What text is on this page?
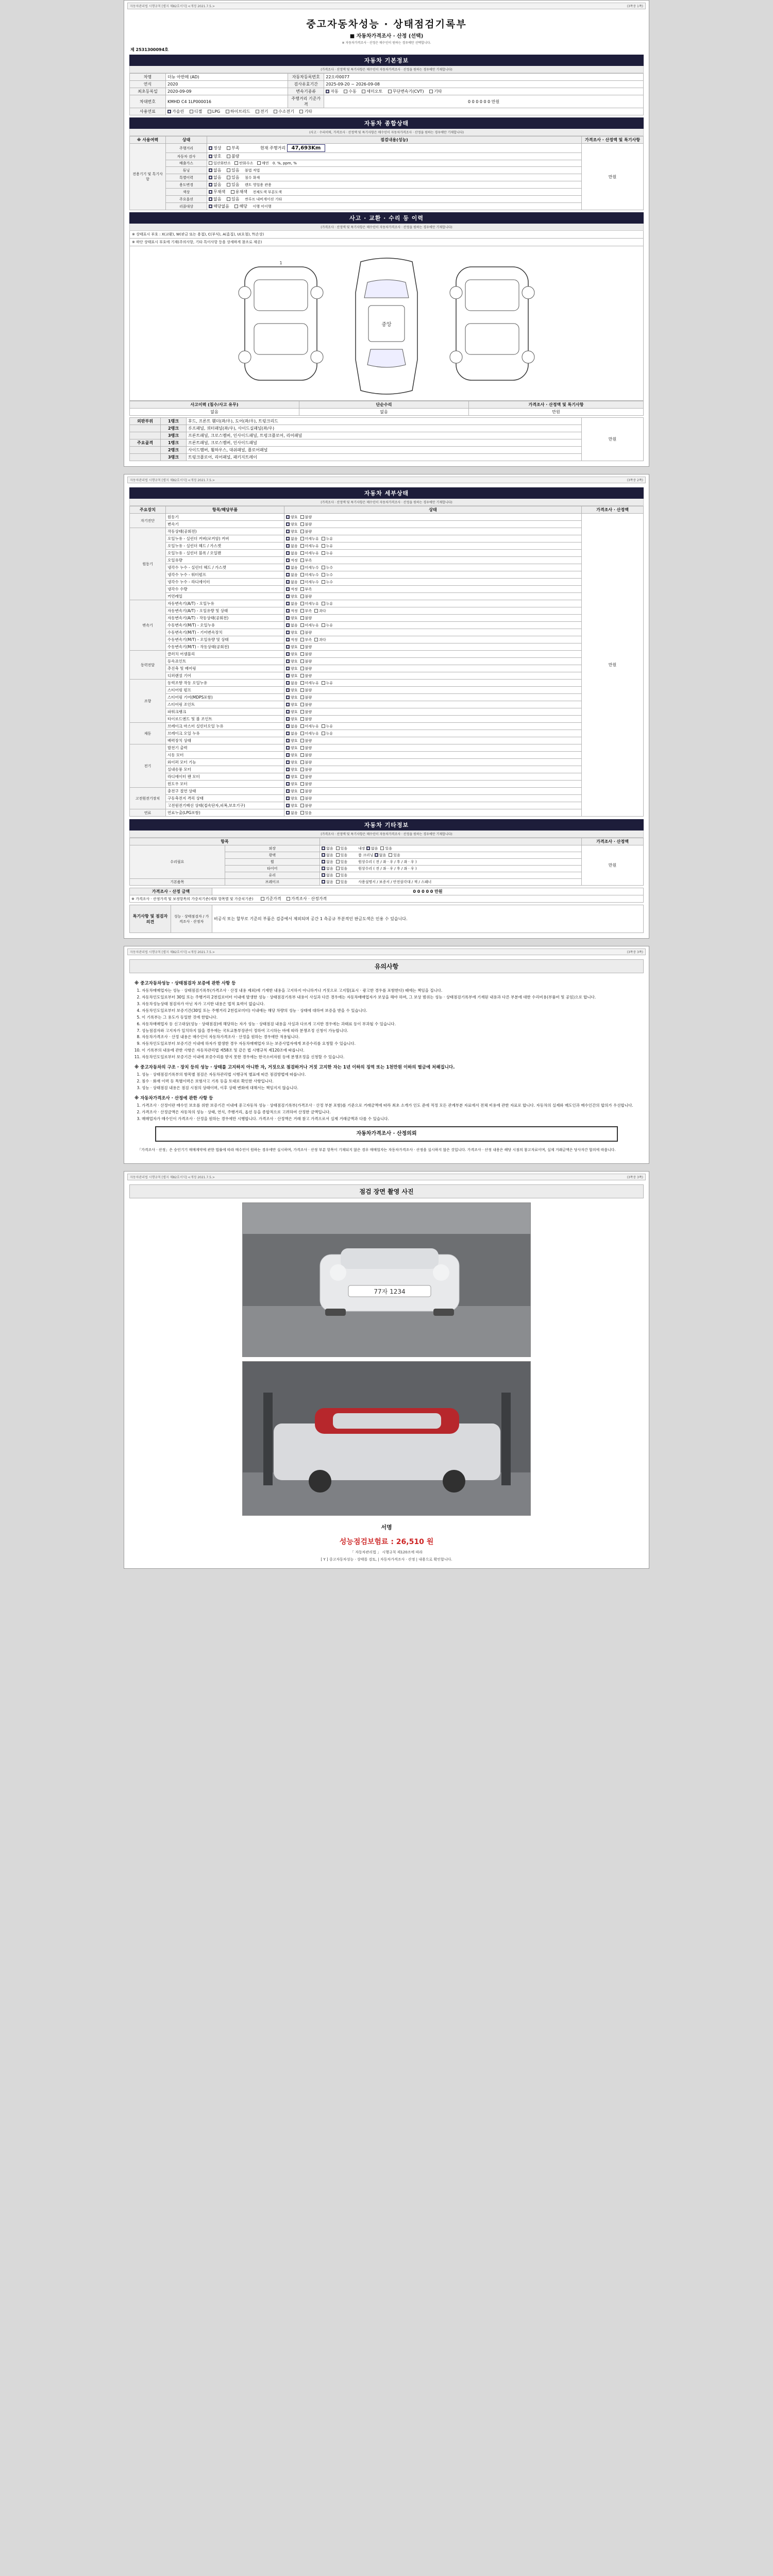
자동차관리법 시행규칙 [별지 제82호서식] <개정 2021.7.5.>	(3쪽중 1쪽)
중고자동차성능 · 상태점검기록부
■ 자동차가격조사 · 산정 (선택)
※ 자동차가격조사ㆍ산정은 매수인이 원하는 경우에만 선택합니다.
제 2531300094호
자동차 기본정보
(가격조사 · 산정액 및 특기사항은 매수인이 자동차가격조사 · 산정을 원하는 경우에만 기재합니다)
차명	더뉴 아반떼 (AD)	자동차등록번호	22오랴0077
연식	2020	검사유효기간	2025-09-20 ~ 2026-09-08
최초등록일	2020-09-09	변속기종류	자동 수동 세미오토 무단변속기(CVT) 기타
차대번호	KMHD C4 1LP000016	주행거리 기준가격	0 0 0 0 0 0 만원
사용연료	가솔린 디젤 LPG 하이브리드 전기 수소전기 기타		
자동차 종합상태
(사고 · 수리이력, 가격조사 · 산정액 및 특기사항은 매수인이 자동차가격조사 · 산정을 원하는 경우에만 기재합니다)
※ 사용여력	상태	점검내용(성능)	가격조사 · 산정액 및 특기사항
전용기기 및 특기사항	주행거리	정상 부족 현재 주행거리 47,693Km	만원
	자동차 검사	양호 불량	
	배출가스	일산화탄소 탄화수소 매연 0. %, ppm, %	
	튜닝	없음 있음 불법 적법	
	특별이력	없음 있음 침수 화재	
	용도변경	없음 있음 렌트 영업용 관용	
	색상	무채색 유채색 전체도색 부분도색	
	주요옵션	없음 있음 썬루프 내비게이션 기타	
	리콜대상	해당없음 해당 이행 미이행	
사고 · 교환 · 수리 등 이력
(가격조사 · 산정액 및 특기사항은 매수인이 자동차가격조사 · 산정을 원하는 경우에만 기재합니다)
※ 상태표시 부호 : X(교환), W(판금 또는 용접), C(부식), A(흠집), U(요철), T(손상)
※ 하단 상태표시 부호에 기재(주의사항, 기타 특이사항 등을 상세하게 참조로 제공)
1
중앙
사고이력 (침수/사고 유무)	단순수리	가격조사 · 산정액 및 특기사항
없음	없음	만원
외판부위	1랭크	후드, 프론트 휀더(좌/우), 도어(좌/우), 트렁크리드	만원
	2랭크	루프패널, 쿼터패널(좌/우), 사이드실패널(좌/우)	
	3랭크	프론트패널, 크로스멤버, 인사이드패널, 트렁크플로어, 리어패널	
주요골격	1랭크	프론트패널, 크로스멤버, 인사이드패널	
	2랭크	사이드멤버, 휠하우스, 대쉬패널, 플로어패널	
	3랭크	트렁크플로어, 리어패널, 패키지트레이	
자동차관리법 시행규칙 [별지 제82호서식] <개정 2021.7.5.>	(3쪽중 2쪽)
자동차 세부상태
(가격조사 · 산정액 및 특기사항은 매수인이 자동차가격조사 · 산정을 원하는 경우에만 기재합니다)
주요장치	항목/해당부품	상태	가격조사 · 산정액
자기진단	원동기	양호 불량	만원
	변속기	양호 불량	
원동기	작동상태(공회전)	양호 불량	
	오일누유 - 실린더 커버(로커암) 커버	없음 미세누유 누유	
	오일누유 - 실린더 헤드 / 가스켓	없음 미세누유 누유	
	오일누유 - 실린더 블록 / 오일팬	없음 미세누유 누유	
	오일유량	적정 부족	
	냉각수 누수 - 실린더 헤드 / 가스켓	없음 미세누수 누수	
	냉각수 누수 - 워터펌프	없음 미세누수 누수	
	냉각수 누수 - 라디에이터	없음 미세누수 누수	
	냉각수 수량	적정 부족	
	커먼레일	양호 불량	
변속기	자동변속기(A/T) - 오일누유	없음 미세누유 누유	
	자동변속기(A/T) - 오일유량 및 상태	적정 부족 과다	
	자동변속기(A/T) - 작동상태(공회전)	양호 불량	
	수동변속기(M/T) - 오일누유	없음 미세누유 누유	
	수동변속기(M/T) - 기어변속장치	양호 불량	
	수동변속기(M/T) - 오일유량 및 상태	적정 부족 과다	
	수동변속기(M/T) - 작동상태(공회전)	양호 불량	
동력전달	클러치 어셈블리	양호 불량	
	등속죠인트	양호 불량	
	추진축 및 베어링	양호 불량	
	디퍼렌셜 기어	양호 불량	
조향	동력조향 작동 오일누유	없음 미세누유 누유	
	스티어링 펌프	양호 불량	
	스티어링 기어(MDPS포함)	양호 불량	
	스티어링 조인트	양호 불량	
	파워크랭크	양호 불량	
	타이로드엔드 및 볼 조인트	양호 불량	
제동	브레이크 마스터 실린더오일 누유	없음 미세누유 누유	
	브레이크 오일 누유	없음 미세누유 누유	
	배력장치 상태	양호 불량	
전기	발전기 출력	양호 불량	
	시동 모터	양호 불량	
	와이퍼 모터 기능	양호 불량	
	실내송풍 모터	양호 불량	
	라디에이터 팬 모터	양호 불량	
	윈도우 모터	양호 불량	
고전원전기장치	충전구 절연 상태	양호 불량	
	구동축전지 격리 상태	양호 불량	
	고전원전기배선 상태(접속단자,피복,보호기구)	양호 불량	
연료	연료누출(LPG포함)	없음 있음	
자동차 기타정보
(가격조사 · 산정액 및 특기사항은 매수인이 자동차가격조사 · 산정을 원하는 경우에만 기재합니다)
항목			가격조사 · 산정액
수리필요	외장	없음 있음 내장 없음 있음	만원
	광택	없음 있음 룸 크리닝 없음 있음	
	휠	없음 있음 원상수리 ( 전 / 좌 · 우 / 후 / 좌 · 우 )	
	타이어	없음 있음 원상수리 ( 전 / 좌 · 우 / 후 / 좌 · 우 )	
	유리	없음 있음	
기본품목	브레이크	없음 있음 사용설명서 / 보증서 / 안전삼각대 / 잭 / 스패너	
가격조사 · 산정 금액	0 0 0 0 0 만원
※ 가격조사 · 산정가격 및 보정항목의 가중치기준(세부 항목별 및 가중치기준)	기준가격 가격조사 · 산정가격
특기사항 및 점검자의견	성능 · 상태점검자 / 가격조사 · 산정자	비공식 또는 할부로 기준의 부품은 검증에서 제외되며 공간 1 측공규 부분적인 판금도색은 인용 수 있습니다.
자동차관리법 시행규칙 [별지 제82호서식] <개정 2021.7.5.>	(3쪽중 3쪽)
유의사항
※ 중고자동차성능 · 상태점검자 보증에 관한 사항 등
1. 자동차매매업자는 성능 · 상태점검기록부(가격조사 · 산정 내용 제외)에 기재한 내용을 고지하지 아니하거나 거짓으로 고지할(표시 · 광고한 경우를 포함한다) 때에는 책임을 집니다.
2. 자동차인도일로부터 30일 또는 주행거리 2천킬로미터 이내에 발생한 성능 · 상태점검기록부 내용이 사실과 다른 경우에는 자동차매매업자가 보상을 해야 하며, 그 보상 범위는 성능 · 상태점검기록부에 기재된 내용과 다른 부분에 대한 수리비용(부품비 및 공임)으로 합니다.
3. 자동차성능상태 점검자가 아닌 자가 고지한 내용은 법적 효력이 없습니다.
4. 자동차인도일로부터 보증기간(30일 또는 주행거리 2천킬로미터) 이내에는 해당 차량의 성능 · 상태에 대하여 보증을 받을 수 있습니다.
5. 이 기록부는 그 용도가 동일한 것에 한합니다.
6. 자동차매매업자 등 신고대상(성능 · 상태점검)에 해당하는 자가 성능 · 상태점검 내용을 사실과 다르게 고지한 경우에는 과태료 등이 부과될 수 있습니다.
7. 성능점검자와 고지자가 일치하지 않을 경우에는 국토교통부장관이 정하여 고시하는 바에 따라 분쟁조정 신청이 가능합니다.
8. 자동차가격조사 · 산정 내용은 매수인이 자동차가격조사 · 산정을 원하는 경우에만 적용됩니다.
9. 자동차인도일로부터 보증기간 이내에 하자가 발생한 경우 자동차매매업자 또는 보증사업자에게 보증수리를 요청할 수 있습니다.
10. 이 기록부의 내용에 관한 사항은 자동차관리법 제58조 및 같은 법 시행규칙 제120조에 따릅니다.
11. 자동차인도일로부터 보증기간 이내에 보증수리를 받지 못한 경우에는 한국소비자원 등에 분쟁조정을 신청할 수 있습니다.
※ 중고자동차의 구조 · 장치 등의 성능 · 상태를 고지하지 아니한 자, 거짓으로 점검하거나 거짓 고지한 자는 1년 이하의 징역 또는 1천만원 이하의 벌금에 처해집니다.
1. 성능 · 상태점검기록부의 항목별 점검은 자동차관리법 시행규칙 별표에 따른 점검방법에 따릅니다.
2. 침수 · 화재 이력 등 특별이력은 보험사고 기록 등을 토대로 확인한 사항입니다.
3. 성능 · 상태점검 내용은 점검 시점의 상태이며, 이후 상태 변화에 대해서는 책임지지 않습니다.
※ 자동차가격조사 · 산정에 관한 사항 등
1. 가격조사 · 산정이란 매수인 보호를 위한 보증기간 이내에 중고자동차 성능 · 상태점검기록부(가격조사 · 산정 부분 포함)를 기준으로 거래금액에 따라 최초 소개가 인도 준에 적정 모든 관계부분 자료에서 전체 비용에 관한 자료로 합니다. 자동차의 실제와 매도인과 매수인간의 합의가 우선합니다.
2. 가격조사 · 산정금액은 자동차의 성능 · 상태, 연식, 주행거리, 옵션 등을 종합적으로 고려하여 산정한 금액입니다.
3. 매매업자가 매수인이 가격조사 · 산정을 원하는 경우에만 시행합니다. 가격조사 · 산정액은 거래 참고 가격으로서 실제 거래금액과 다를 수 있습니다.
자동차가격조사 · 산정의뢰
「가격조사 · 산정」은 승인기기 매매계약에 관한 법률에 따라 매수인이 원하는 경우에만 실시하며, 가격조사 · 산정 부분 항목이 기재되지 않은 경우 매매업자는 자동차가격조사 · 산정을 실시하지 않은 것입니다. 가격조사 · 산정 내용은 해당 시점의 참고자료이며, 실제 거래금액은 당사자간 합의에 따릅니다.
자동차관리법 시행규칙 [별지 제82호서식] <개정 2021.7.5.>	(3쪽중 3쪽)
점검 장면 촬영 사진
77자 1234
서명
성능점검보험료 : 26,510 원
「 자동차관리법 」 시행규칙 제120조에 따라
[ Y ] 중고자동차성능 · 상태를 검토, | 자동차가격조사 · 산정 | 내용으로 확인합니다.
